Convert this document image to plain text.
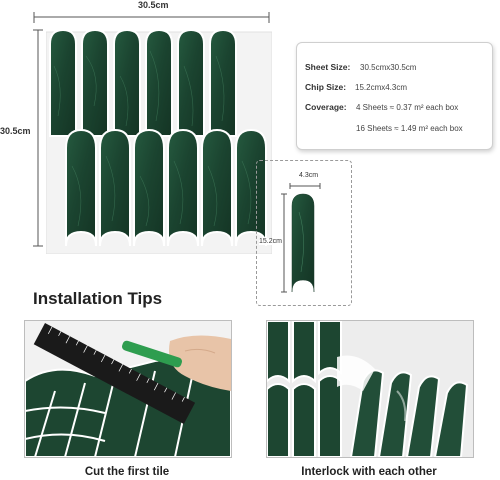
30.5cm
30.5cm
Sheet Size: 30.5cmx30.5cm
Chip Size: 15.2cmx4.3cm
Coverage: 4 Sheets ≈ 0.37 m² each box
16 Sheets ≈ 1.49 m² each box
4.3cm
15.2cm
Installation Tips
Cut the first tile	Interlock with each other
